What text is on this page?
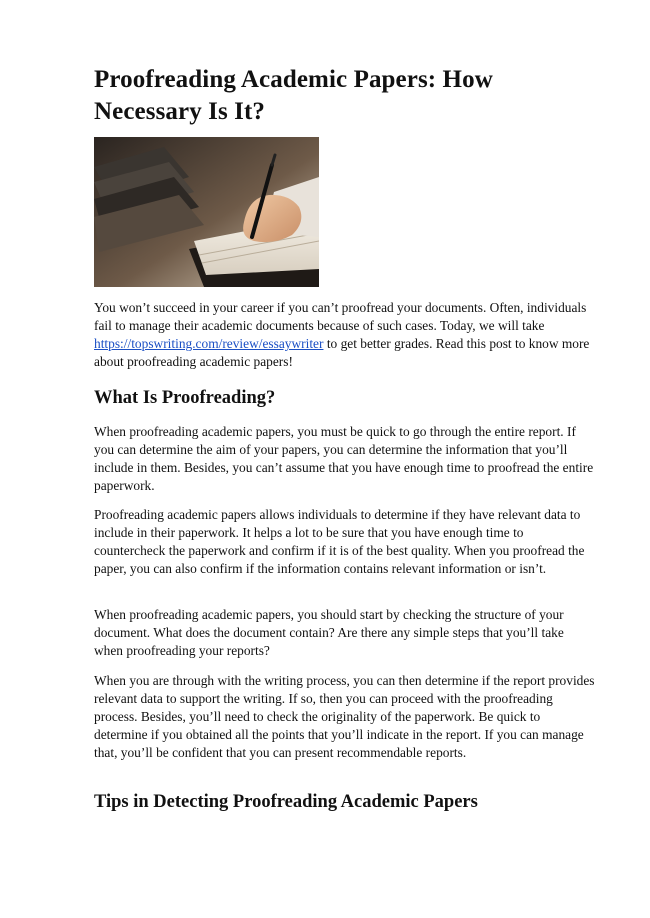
Proofreading Academic Papers: How Necessary Is It?

You won’t succeed in your career if you can’t proofread your documents. Often, individuals fail to manage their academic documents because of such cases. Today, we will take https://topswriting.com/review/essaywriter to get better grades. Read this post to know more about proofreading academic papers!

What Is Proofreading?

When proofreading academic papers, you must be quick to go through the entire report. If you can determine the aim of your papers, you can determine the information that you’ll include in them. Besides, you can’t assume that you have enough time to proofread the entire paperwork.

Proofreading academic papers allows individuals to determine if they have relevant data to include in their paperwork. It helps a lot to be sure that you have enough time to countercheck the paperwork and confirm if it is of the best quality. When you proofread the paper, you can also confirm if the information contains relevant information or isn’t.

When proofreading academic papers, you should start by checking the structure of your document. What does the document contain? Are there any simple steps that you’ll take when proofreading your reports?

When you are through with the writing process, you can then determine if the report provides relevant data to support the writing. If so, then you can proceed with the proofreading process. Besides, you’ll need to check the originality of the paperwork. Be quick to determine if you obtained all the points that you’ll indicate in the report. If you can manage that, you’ll be confident that you can present recommendable reports.

Tips in Detecting Proofreading Academic Papers
